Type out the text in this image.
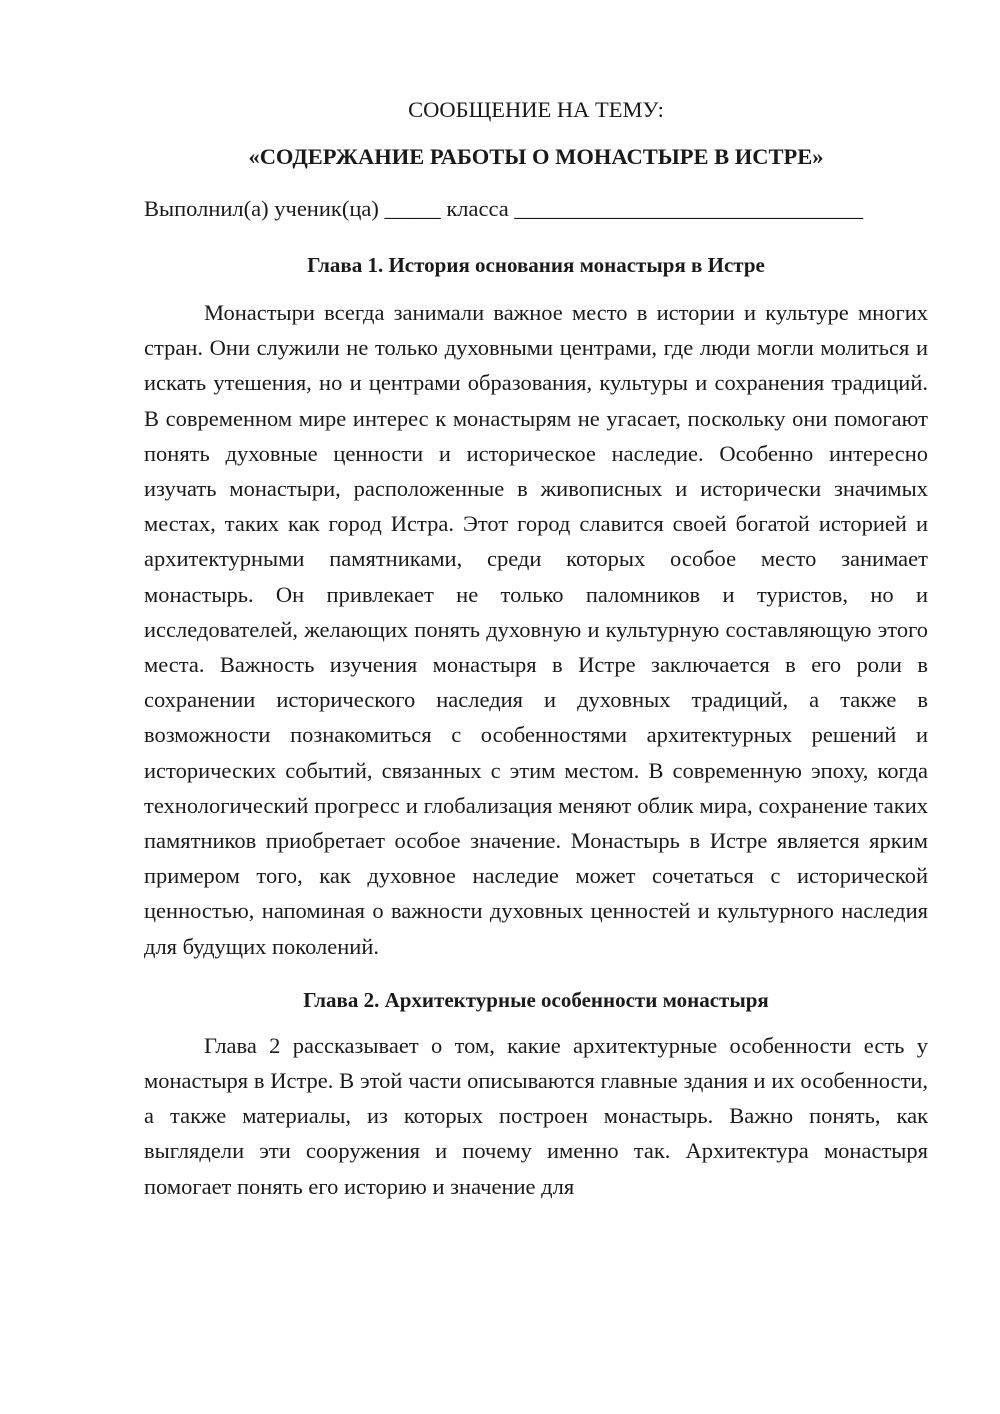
СООБЩЕНИЕ НА ТЕМУ:

«СОДЕРЖАНИЕ РАБОТЫ О МОНАСТЫРЕ В ИСТРЕ»

Выполнил(а) ученик(ца) _____ класса _______________________________

Глава 1. История основания монастыря в Истре

Монастыри всегда занимали важное место в истории и культуре многих стран. Они служили не только духовными центрами, где люди могли молиться и искать утешения, но и центрами образования, культуры и сохранения традиций. В современном мире интерес к монастырям не угасает, поскольку они помогают понять духовные ценности и историческое наследие. Особенно интересно изучать монастыри, расположенные в живописных и исторически значимых местах, таких как город Истра. Этот город славится своей богатой историей и архитектурными памятниками, среди которых особое место занимает монастырь. Он привлекает не только паломников и туристов, но и исследователей, желающих понять духовную и культурную составляющую этого места. Важность изучения монастыря в Истре заключается в его роли в сохранении исторического наследия и духовных традиций, а также в возможности познакомиться с особенностями архитектурных решений и исторических событий, связанных с этим местом. В современную эпоху, когда технологический прогресс и глобализация меняют облик мира, сохранение таких памятников приобретает особое значение. Монастырь в Истре является ярким примером того, как духовное наследие может сочетаться с исторической ценностью, напоминая о важности духовных ценностей и культурного наследия для будущих поколений.

Глава 2. Архитектурные особенности монастыря

Глава 2 рассказывает о том, какие архитектурные особенности есть у монастыря в Истре. В этой части описываются главные здания и их особенности, а также материалы, из которых построен монастырь. Важно понять, как выглядели эти сооружения и почему именно так. Архитектура монастыря помогает понять его историю и значение для
